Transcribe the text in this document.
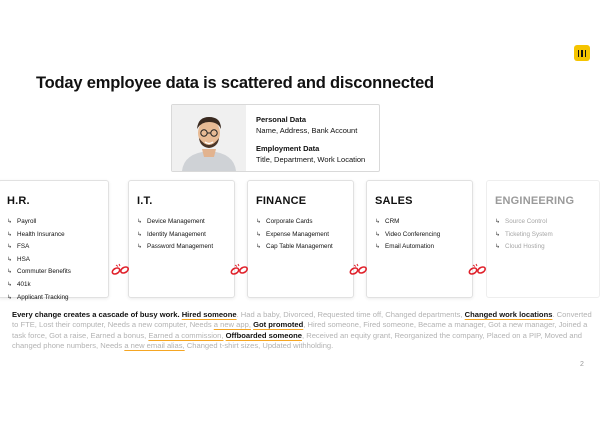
Today employee data is scattered and disconnected
Personal Data
Name, Address, Bank Account
Employment Data
Title, Department, Work Location
H.R.
↳ Payroll
↳ Health Insurance
↳ FSA
↳ HSA
↳ Commuter Benefits
↳ 401k
↳ Applicant Tracking
I.T.
↳ Device Management
↳ Identity Management
↳ Password Management
FINANCE
↳ Corporate Cards
↳ Expense Management
↳ Cap Table Management
SALES
↳ CRM
↳ Video Conferencing
↳ Email Automation
ENGINEERING
↳ Source Control
↳ Ticketing System
↳ Cloud Hosting
Every change creates a cascade of busy work. Hired someone. Had a baby, Divorced, Requested time off, Changed departments, Changed work locations. Converted to FTE, Lost their computer, Needs a new computer, Needs a new app, Got promoted, Hired someone, Fired someone, Became a manager, Got a new manager, Joined a task force, Got a raise, Earned a bonus, Earned a commission, Offboarded someone, Received an equity grant, Reorganized the company, Placed on a PIP, Moved and changed phone numbers, Needs a new email alias, Changed t-shirt sizes, Updated withholding.
2
